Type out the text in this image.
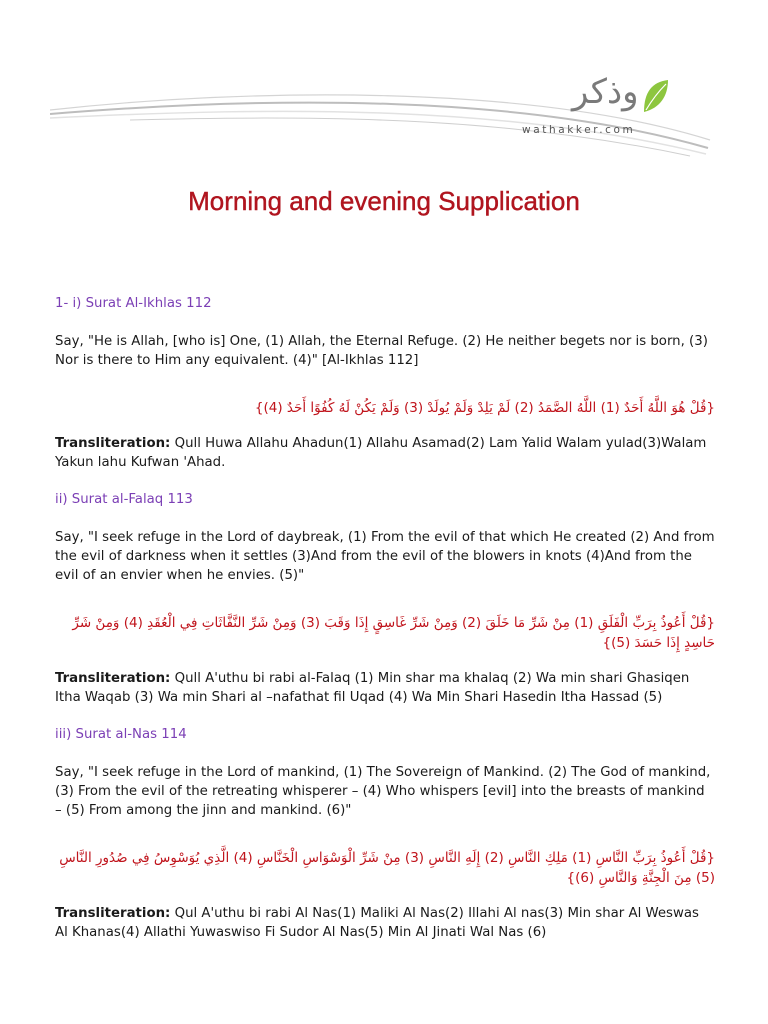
وذكر
wathakker.com
Morning and evening Supplication

1- i) Surat Al-Ikhlas 112

Say, "He is Allah, [who is] One, (1) Allah, the Eternal Refuge. (2) He neither begets nor is born, (3) Nor is there to Him any equivalent. (4)" [Al-Ikhlas 112]

{قُلْ هُوَ اللَّهُ أَحَدٌ (1) اللَّهُ الصَّمَدُ (2) لَمْ يَلِدْ وَلَمْ يُولَدْ (3) وَلَمْ يَكُنْ لَهُ كُفُوًا أَحَدٌ (4)}

Transliteration: Qull Huwa Allahu Ahadun(1) Allahu Asamad(2) Lam Yalid Walam yulad(3)Walam Yakun lahu Kufwan 'Ahad.

ii) Surat al-Falaq 113

Say, "I seek refuge in the Lord of daybreak, (1) From the evil of that which He created (2) And from the evil of darkness when it settles (3)And from the evil of the blowers in knots (4)And from the evil of an envier when he envies. (5)"

{قُلْ أَعُوذُ بِرَبِّ الْفَلَقِ (1) مِنْ شَرِّ مَا خَلَقَ (2) وَمِنْ شَرِّ غَاسِقٍ إِذَا وَقَبَ (3) وَمِنْ شَرِّ النَّفَّاثَاتِ فِي الْعُقَدِ (4) وَمِنْ شَرِّ حَاسِدٍ إِذَا حَسَدَ (5)}

Transliteration: Qull A'uthu bi rabi al-Falaq (1) Min shar ma khalaq (2) Wa min shari Ghasiqen Itha Waqab (3) Wa min Shari al –nafathat fil Uqad (4) Wa Min Shari Hasedin Itha Hassad (5)

iii) Surat al-Nas 114

Say, "I seek refuge in the Lord of mankind, (1) The Sovereign of Mankind. (2) The God of mankind, (3) From the evil of the retreating whisperer – (4) Who whispers [evil] into the breasts of mankind – (5) From among the jinn and mankind. (6)"

{قُلْ أَعُوذُ بِرَبِّ النَّاسِ (1) مَلِكِ النَّاسِ (2) إِلَهِ النَّاسِ (3) مِنْ شَرِّ الْوَسْوَاسِ الْخَنَّاسِ (4) الَّذِي يُوَسْوِسُ فِي صُدُورِ النَّاسِ (5) مِنَ الْجِنَّةِ وَالنَّاسِ (6)}

Transliteration: Qul A'uthu bi rabi Al Nas(1) Maliki Al Nas(2) Illahi Al nas(3) Min shar Al Weswas Al Khanas(4) Allathi Yuwaswiso Fi Sudor Al Nas(5) Min Al Jinati Wal Nas (6)
